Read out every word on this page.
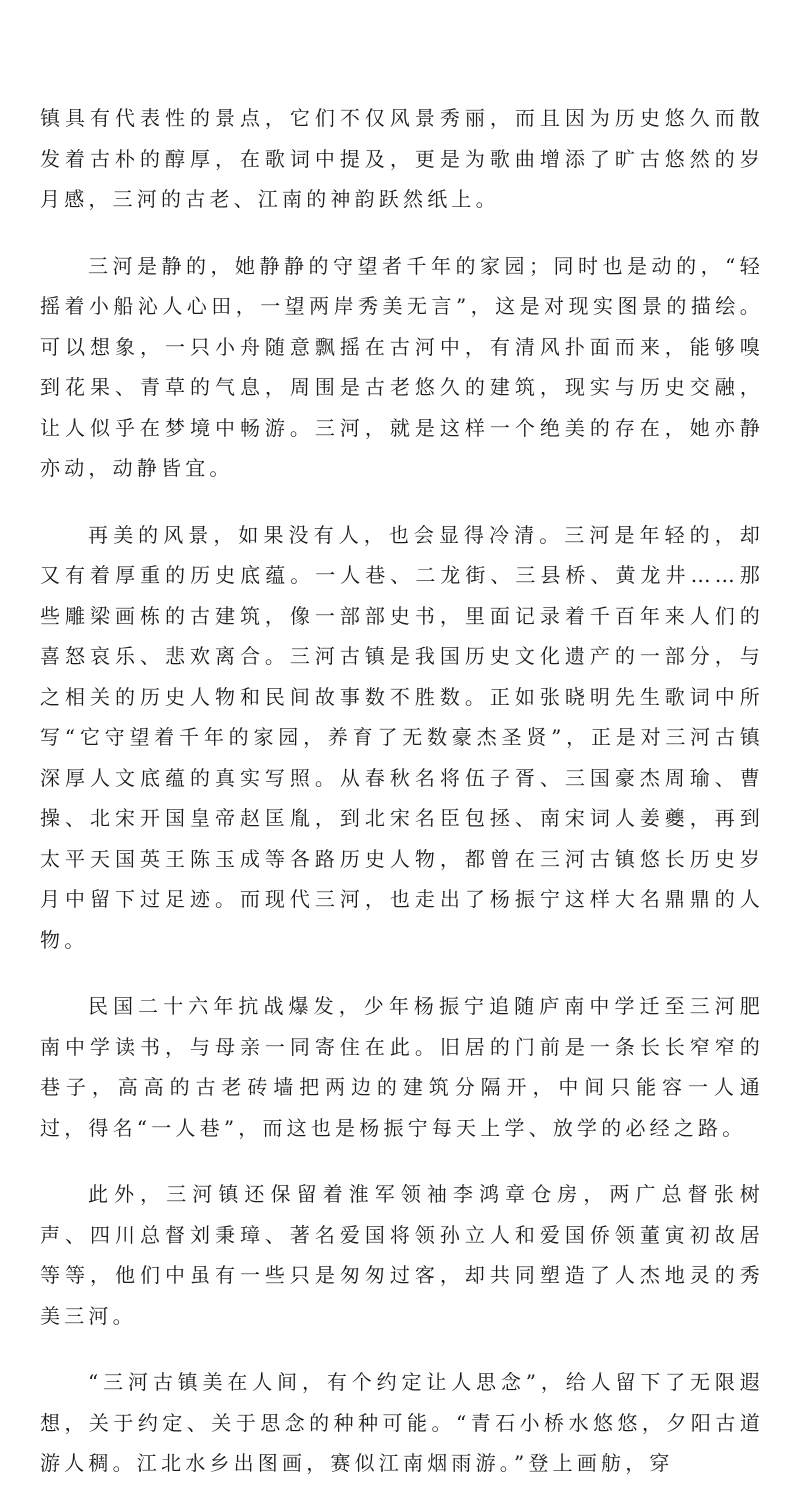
镇具有代表性的景点，它们不仅风景秀丽，而且因为历史悠久而散发着古朴的醇厚，在歌词中提及，更是为歌曲增添了旷古悠然的岁月感，三河的古老、江南的神韵跃然纸上。

三河是静的，她静静的守望者千年的家园；同时也是动的，“轻摇着小船沁人心田，一望两岸秀美无言”，这是对现实图景的描绘。可以想象，一只小舟随意飘摇在古河中，有清风扑面而来，能够嗅到花果、青草的气息，周围是古老悠久的建筑，现实与历史交融，让人似乎在梦境中畅游。三河，就是这样一个绝美的存在，她亦静亦动，动静皆宜。

再美的风景，如果没有人，也会显得冷清。三河是年轻的，却又有着厚重的历史底蕴。一人巷、二龙街、三县桥、黄龙井……那些雕梁画栋的古建筑，像一部部史书，里面记录着千百年来人们的喜怒哀乐、悲欢离合。三河古镇是我国历史文化遗产的一部分，与之相关的历史人物和民间故事数不胜数。正如张晓明先生歌词中所写“它守望着千年的家园，养育了无数豪杰圣贤”，正是对三河古镇深厚人文底蕴的真实写照。从春秋名将伍子胥、三国豪杰周瑜、曹操、北宋开国皇帝赵匡胤，到北宋名臣包拯、南宋词人姜夔，再到太平天国英王陈玉成等各路历史人物，都曾在三河古镇悠长历史岁月中留下过足迹。而现代三河，也走出了杨振宁这样大名鼎鼎的人物。

民国二十六年抗战爆发，少年杨振宁追随庐南中学迁至三河肥南中学读书，与母亲一同寄住在此。旧居的门前是一条长长窄窄的巷子，高高的古老砖墙把两边的建筑分隔开，中间只能容一人通过，得名“一人巷”，而这也是杨振宁每天上学、放学的必经之路。

此外，三河镇还保留着淮军领袖李鸿章仓房，两广总督张树声、四川总督刘秉璋、著名爱国将领孙立人和爱国侨领董寅初故居等等，他们中虽有一些只是匆匆过客，却共同塑造了人杰地灵的秀美三河。

“三河古镇美在人间，有个约定让人思念”，给人留下了无限遐想，关于约定、关于思念的种种可能。“青石小桥水悠悠，夕阳古道游人稠。江北水乡出图画，赛似江南烟雨游。”登上画舫，穿
